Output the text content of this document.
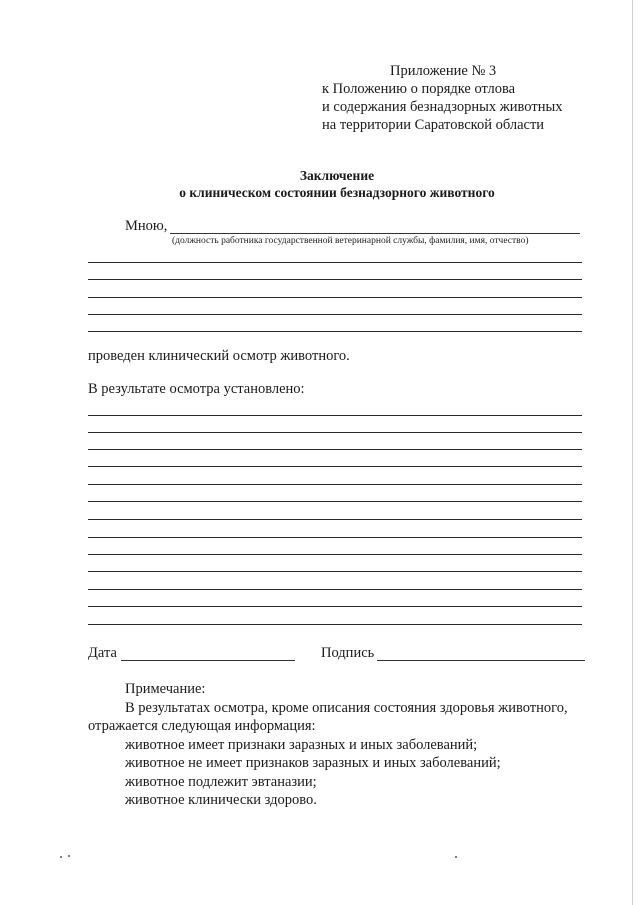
Приложение № 3
к Положению о порядке отлова
и содержания безнадзорных животных
на территории Саратовской области
Заключение
о клиническом состоянии безнадзорного животного
Мною,
(должность работника государственной ветеринарной службы, фамилия, имя, отчество)
проведен клинический осмотр животного.
В результате осмотра установлено:
Дата	Подпись
Примечание:
В результатах осмотра, кроме описания состояния здоровья животного,
отражается следующая информация:
животное имеет признаки заразных и иных заболеваний;
животное не имеет признаков заразных и иных заболеваний;
животное подлежит эвтаназии;
животное клинически здорово.
